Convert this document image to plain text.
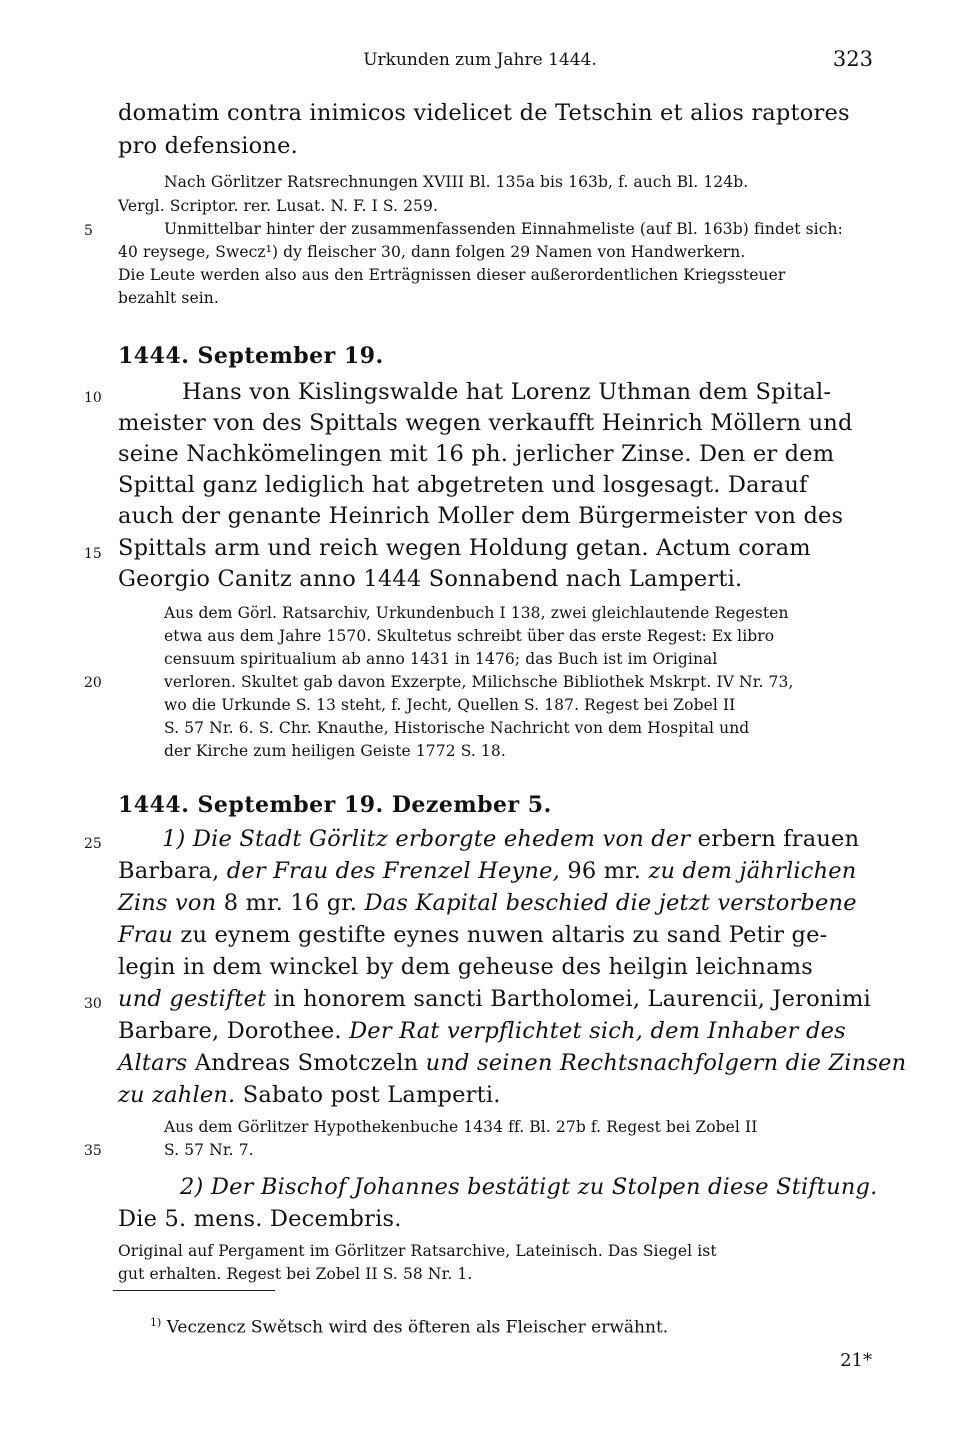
Urkunden zum Jahre 1444.	323
domatim contra inimicos videlicet de Tetschin et alios raptores
pro defensione.
Nach Görlitzer Ratsrechnungen XVIII Bl. 135a bis 163b, f. auch Bl. 124b.
Vergl. Scriptor. rer. Lusat. N. F. I S. 259.
5	Unmittelbar hinter der zusammenfassenden Einnahmeliste (auf Bl. 163b) findet sich:
40 reysege, Swecz¹) dy fleischer 30, dann folgen 29 Namen von Handwerkern.
Die Leute werden also aus den Erträgnissen dieser außerordentlichen Kriegssteuer
bezahlt sein.
1444. September 19.
10	Hans von Kislingswalde hat Lorenz Uthman dem Spital-
meister von des Spittals wegen verkaufft Heinrich Möllern und
seine Nachkömelingen mit 16 ph. jerlicher Zinse. Den er dem
Spittal ganz lediglich hat abgetreten und losgesagt. Darauf
auch der genante Heinrich Moller dem Bürgermeister von des
15 Spittals arm und reich wegen Holdung getan. Actum coram
Georgio Canitz anno 1444 Sonnabend nach Lamperti.
Aus dem Görl. Ratsarchiv, Urkundenbuch I 138, zwei gleichlautende Regesten
etwa aus dem Jahre 1570. Skultetus schreibt über das erste Regest: Ex libro
censuum spiritualium ab anno 1431 in 1476; das Buch ist im Original
20	verloren. Skultet gab davon Exzerpte, Milichsche Bibliothek Mskrpt. IV Nr. 73,
wo die Urkunde S. 13 steht, f. Jecht, Quellen S. 187. Regest bei Zobel II
S. 57 Nr. 6. S. Chr. Knauthe, Historische Nachricht von dem Hospital und
der Kirche zum heiligen Geiste 1772 S. 18.
1444. September 19. Dezember 5.
25	1) Die Stadt Görlitz erborgte ehedem von der erbern frauen
Barbara, der Frau des Frenzel Heyne, 96 mr. zu dem jährlichen
Zins von 8 mr. 16 gr. Das Kapital beschied die jetzt verstorbene
Frau zu eynem gestifte eynes nuwen altaris zu sand Petir ge-
legin in dem winckel by dem geheuse des heilgin leichnams
30 und gestiftet in honorem sancti Bartholomei, Laurencii, Jeronimi
Barbare, Dorothee. Der Rat verpflichtet sich, dem Inhaber des
Altars Andreas Smotczeln und seinen Rechtsnachfolgern die Zinsen
zu zahlen. Sabato post Lamperti.
Aus dem Görlitzer Hypothekenbuche 1434 ff. Bl. 27b f. Regest bei Zobel II
35	S. 57 Nr. 7.
2) Der Bischof Johannes bestätigt zu Stolpen diese Stiftung.
Die 5. mens. Decembris.
Original auf Pergament im Görlitzer Ratsarchive, Lateinisch. Das Siegel ist
gut erhalten. Regest bei Zobel II S. 58 Nr. 1.
$^{1)}$ Veczencz Swětsch wird des öfteren als Fleischer erwähnt.
21*
